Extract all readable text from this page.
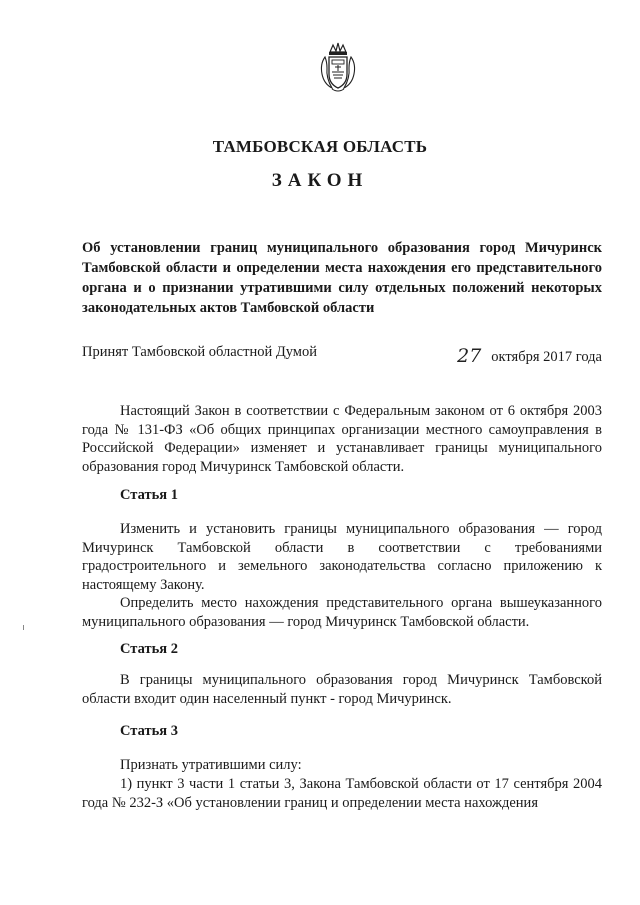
ТАМБОВСКАЯ ОБЛАСТЬ
ЗАКОН
Об установлении границ муниципального образования город Мичуринск Тамбовской области и определении места нахождения его представительного органа и о признании утратившими силу отдельных положений некоторых законодательных актов Тамбовской области
Принят Тамбовской областной Думой	27 октября 2017 года

Настоящий Закон в соответствии с Федеральным законом от 6 октября 2003 года № 131-ФЗ «Об общих принципах организации местного самоуправления в Российской Федерации» изменяет и устанавливает границы муниципального образования город Мичуринск Тамбовской области.

Статья 1

Изменить и установить границы муниципального образования — город Мичуринск Тамбовской области в соответствии с требованиями градостроительного и земельного законодательства согласно приложению к настоящему Закону.

Определить место нахождения представительного органа вышеуказанного муниципального образования — город Мичуринск Тамбовской области.

Статья 2

В границы муниципального образования город Мичуринск Тамбовской области входит один населенный пункт - город Мичуринск.

Статья 3

Признать утратившими силу:

1) пункт 3 части 1 статьи 3, Закона Тамбовской области от 17 сентября 2004 года № 232-З «Об установлении границ и определении места нахождения
